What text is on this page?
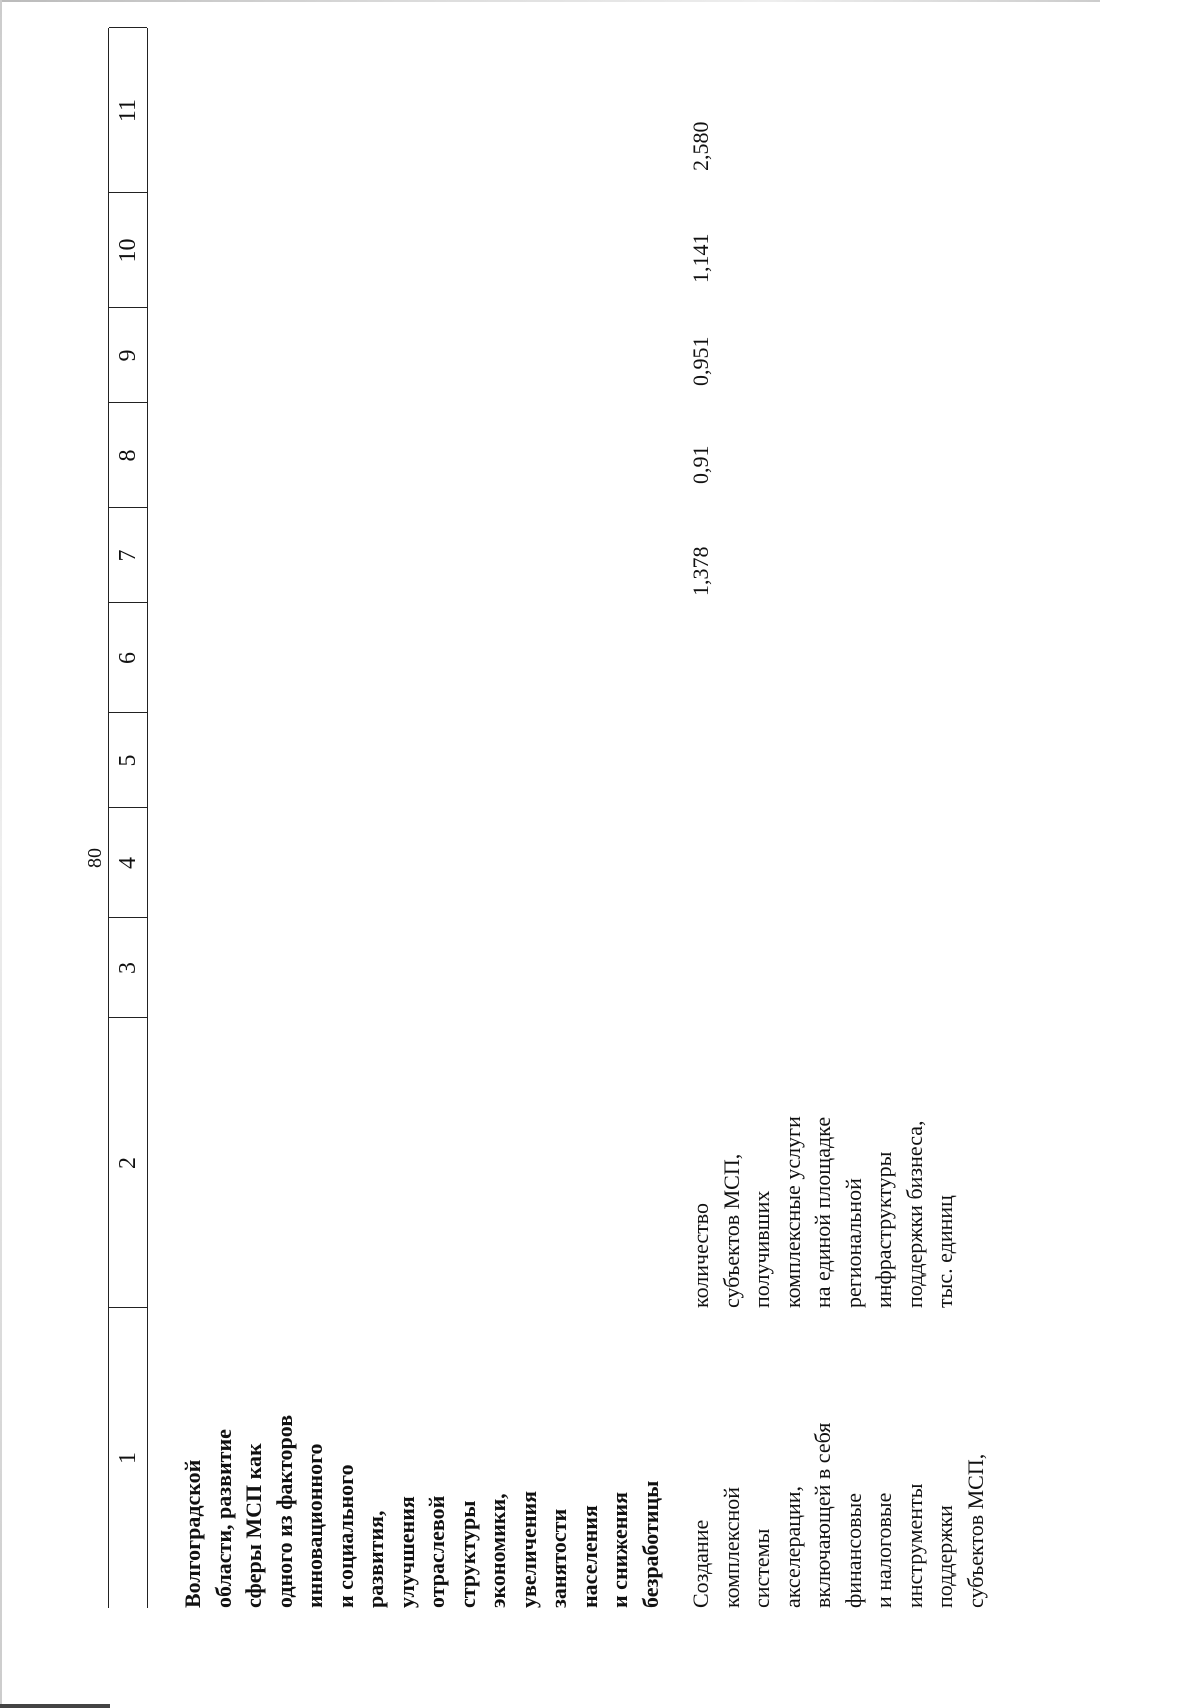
80
1
2
3
4
5
6
7
8
9
10
11
Волгоградской области, развитие сферы МСП как одного из факторов инновационного и социального развития, улучшения отраслевой структуры экономики, увеличения занятости населения и снижения безработицы Создание комплексной системы акселерации, включающей в себя финансовые и налоговые инструменты поддержки субъектов МСП,
количество субъектов МСП, получивших комплексные услуги на единой площадке региональной инфраструктуры поддержки бизнеса, тыс. единиц
1,378
0,91
0,951
1,141
2,580
